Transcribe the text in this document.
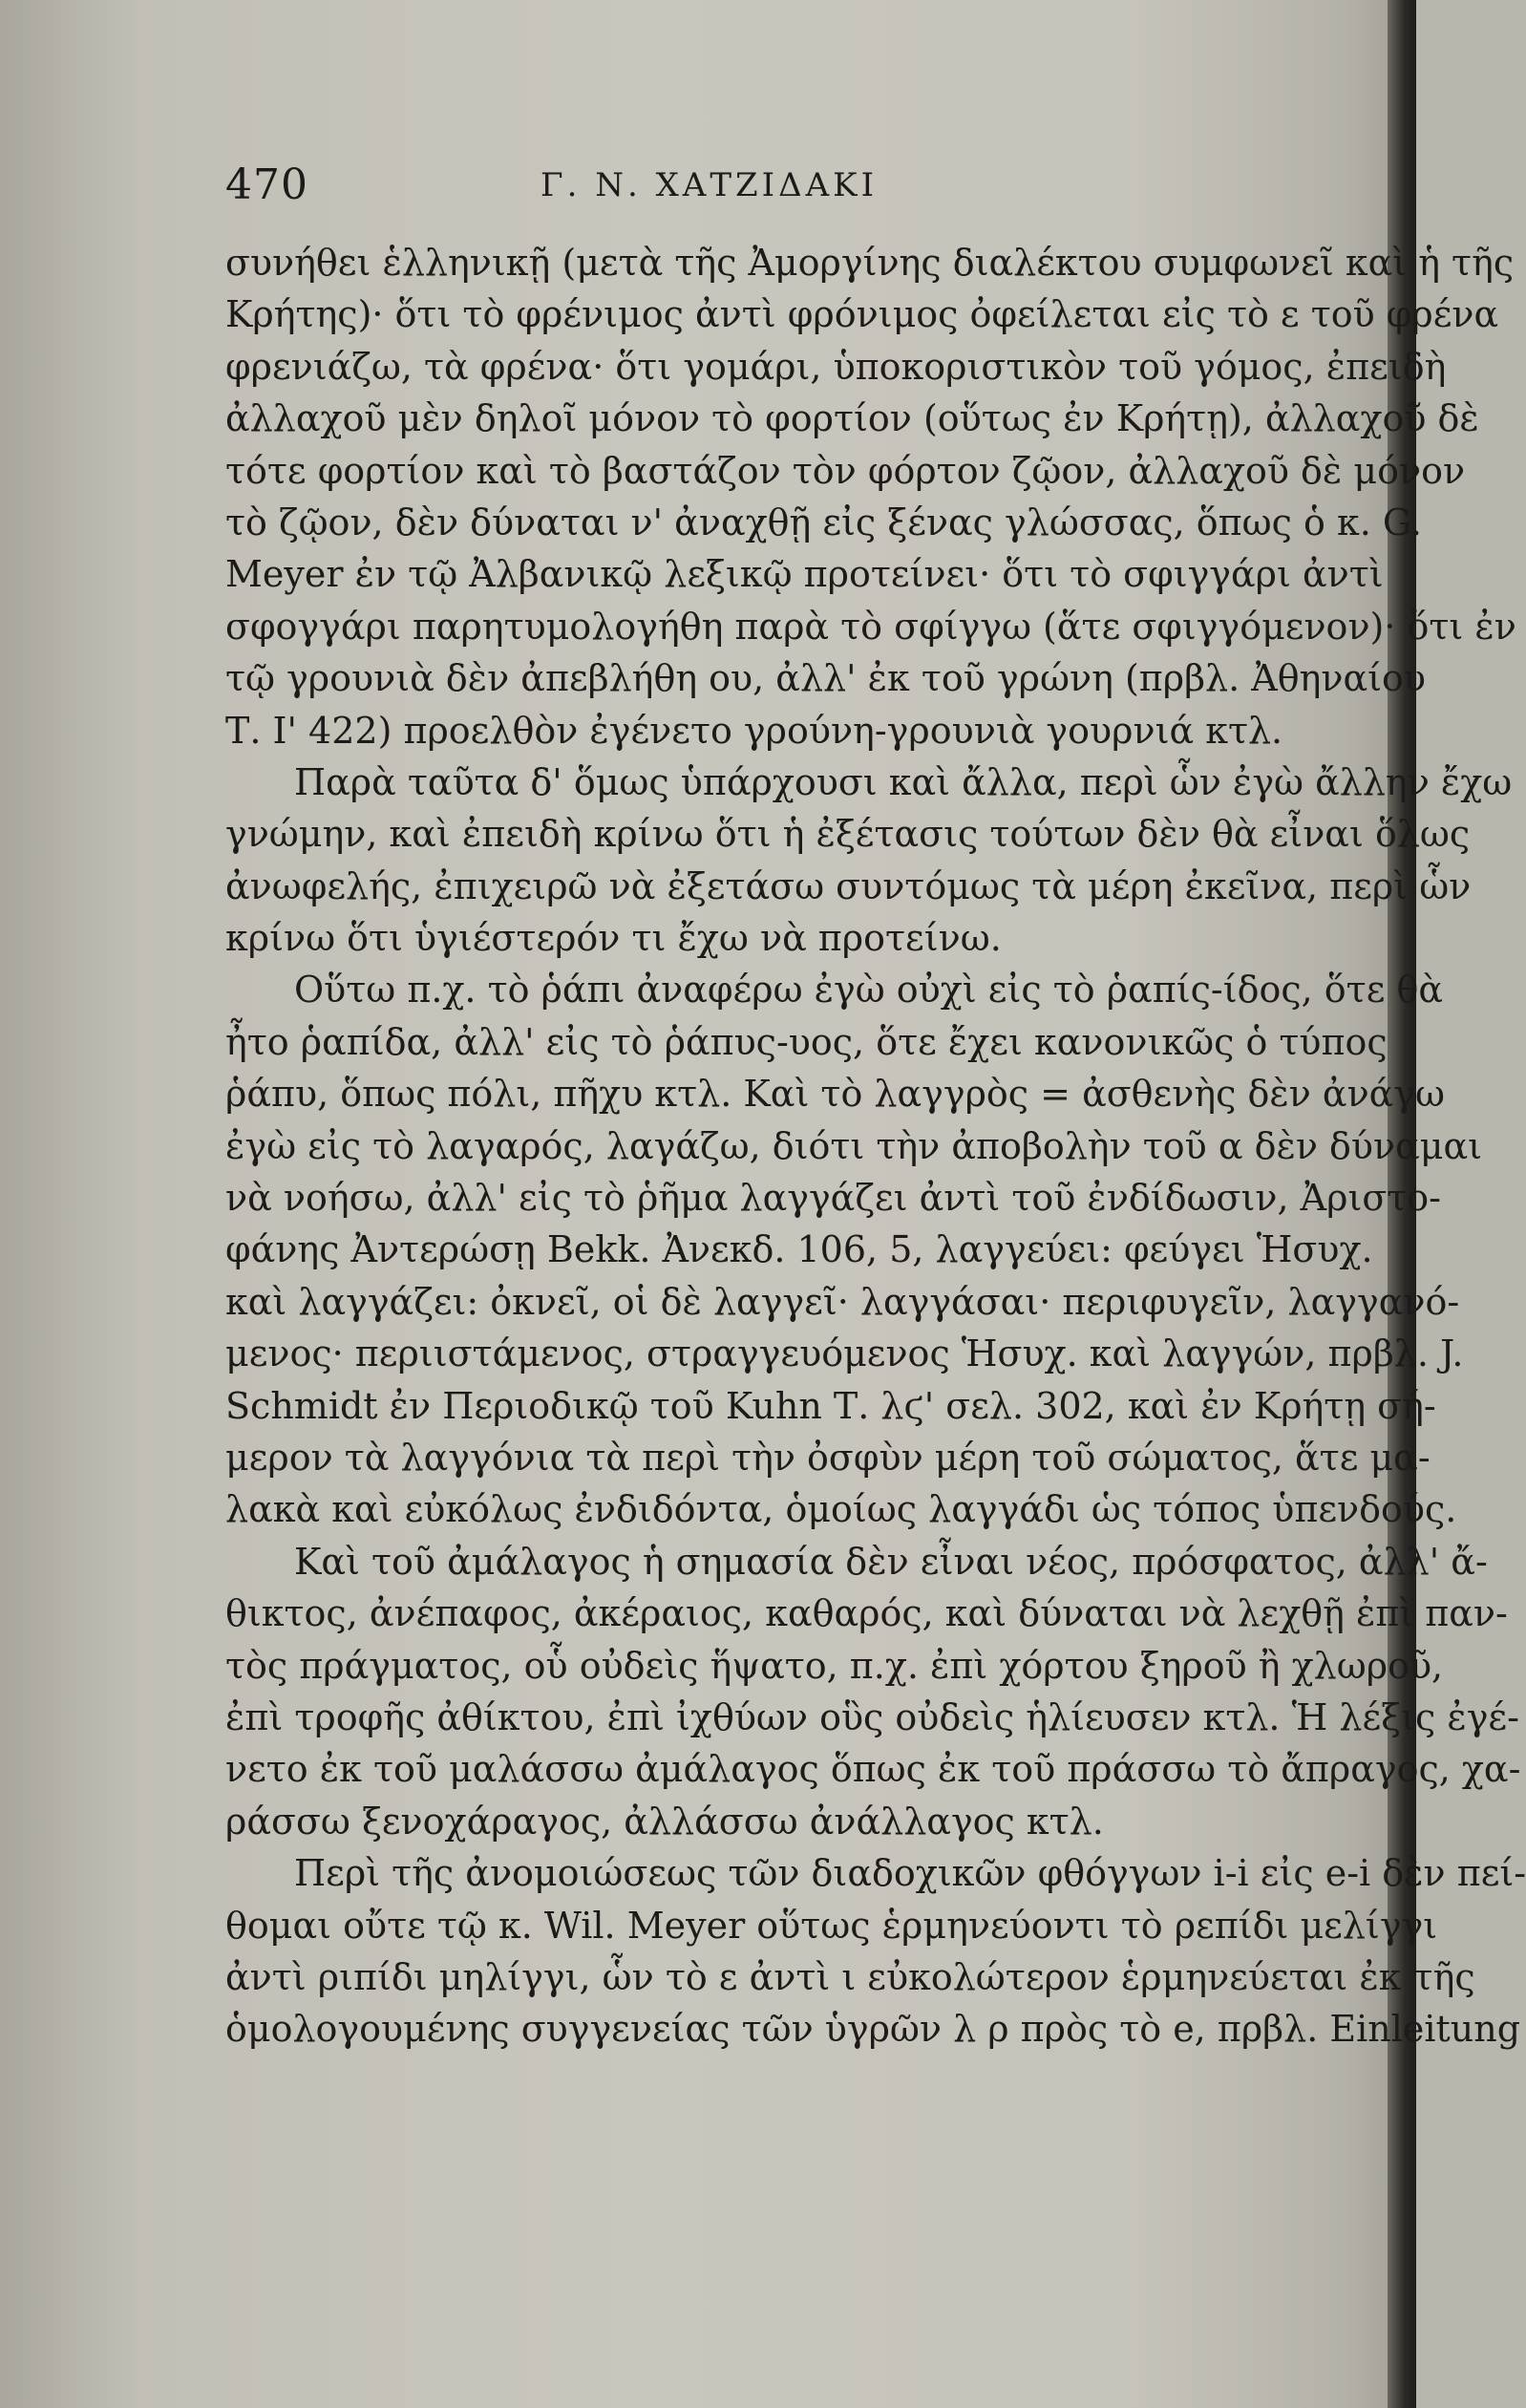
470	Γ. Ν. ΧΑΤΖΙΔΑΚΙ
συνήθει ἑλληνικῇ (μετὰ τῆς Ἀμοργίνης διαλέκτου συμφωνεῖ καὶ ἡ τῆς
Κρήτης)· ὅτι τὸ φρένιμος ἀντὶ φρόνιμος ὀφείλεται εἰς τὸ ε τοῦ φρένα
φρενιάζω, τὰ φρένα· ὅτι γομάρι, ὑποκοριστικὸν τοῦ γόμος, ἐπειδὴ
ἀλλαχοῦ μὲν δηλοῖ μόνον τὸ φορτίον (οὕτως ἐν Κρήτῃ), ἀλλαχοῦ δὲ
τότε φορτίον καὶ τὸ βαστάζον τὸν φόρτον ζῷον, ἀλλαχοῦ δὲ μόνον
τὸ ζῷον, δὲν δύναται ν' ἀναχθῇ εἰς ξένας γλώσσας, ὅπως ὁ κ. G.
Meyer ἐν τῷ Ἀλβανικῷ λεξικῷ προτείνει· ὅτι τὸ σφιγγάρι ἀντὶ
σφογγάρι παρητυμολογήθη παρὰ τὸ σφίγγω (ἅτε σφιγγόμενον)· ὅτι ἐν
τῷ γρουνιὰ δὲν ἀπεβλήθη ου, ἀλλ' ἐκ τοῦ γρώνη (πρβλ. Ἀθηναίου
Τ. Ι' 422) προελθὸν ἐγένετο γρούνη-γρουνιὰ γουρνιά κτλ.
Παρὰ ταῦτα δ' ὅμως ὑπάρχουσι καὶ ἄλλα, περὶ ὧν ἐγὼ ἄλλην ἔχω
γνώμην, καὶ ἐπειδὴ κρίνω ὅτι ἡ ἐξέτασις τούτων δὲν θὰ εἶναι ὅλως
ἀνωφελής, ἐπιχειρῶ νὰ ἐξετάσω συντόμως τὰ μέρη ἐκεῖνα, περὶ ὧν
κρίνω ὅτι ὑγιέστερόν τι ἔχω νὰ προτείνω.
Οὕτω π.χ. τὸ ῥάπι ἀναφέρω ἐγὼ οὐχὶ εἰς τὸ ῥαπίς-ίδος, ὅτε θὰ
ἦτο ῥαπίδα, ἀλλ' εἰς τὸ ῥάπυς-υος, ὅτε ἔχει κανονικῶς ὁ τύπος
ῥάπυ, ὅπως πόλι, πῆχυ κτλ. Καὶ τὸ λαγγρὸς = ἀσθενὴς δὲν ἀνάγω
ἐγὼ εἰς τὸ λαγαρός, λαγάζω, διότι τὴν ἀποβολὴν τοῦ α δὲν δύναμαι
νὰ νοήσω, ἀλλ' εἰς τὸ ῥῆμα λαγγάζει ἀντὶ τοῦ ἐνδίδωσιν, Ἀριστο-
φάνης Ἀντερώσῃ Bekk. Ἀνεκδ. 106, 5, λαγγεύει: φεύγει Ἡσυχ.
καὶ λαγγάζει: ὀκνεῖ, οἱ δὲ λαγγεῖ· λαγγάσαι· περιφυγεῖν, λαγγανό-
μενος· περιιστάμενος, στραγγευόμενος Ἡσυχ. καὶ λαγγών, πρβλ. J.
Schmidt ἐν Περιοδικῷ τοῦ Kuhn Τ. λϛ' σελ. 302, καὶ ἐν Κρήτῃ σή-
μερον τὰ λαγγόνια τὰ περὶ τὴν ὀσφὺν μέρη τοῦ σώματος, ἅτε μα-
λακὰ καὶ εὐκόλως ἐνδιδόντα, ὁμοίως λαγγάδι ὡς τόπος ὑπενδούς.
Καὶ τοῦ ἀμάλαγος ἡ σημασία δὲν εἶναι νέος, πρόσφατος, ἀλλ' ἄ-
θικτος, ἀνέπαφος, ἀκέραιος, καθαρός, καὶ δύναται νὰ λεχθῇ ἐπὶ παν-
τὸς πράγματος, οὗ οὐδεὶς ἥψατο, π.χ. ἐπὶ χόρτου ξηροῦ ἢ χλωροῦ,
ἐπὶ τροφῆς ἀθίκτου, ἐπὶ ἰχθύων οὓς οὐδεὶς ἡλίευσεν κτλ. Ἡ λέξις ἐγέ-
νετο ἐκ τοῦ μαλάσσω ἀμάλαγος ὅπως ἐκ τοῦ πράσσω τὸ ἄπραγος, χα-
ράσσω ξενοχάραγος, ἀλλάσσω ἀνάλλαγος κτλ.
Περὶ τῆς ἀνομοιώσεως τῶν διαδοχικῶν φθόγγων i-i εἰς e-i δὲν πεί-
θομαι οὔτε τῷ κ. Wil. Meyer οὕτως ἑρμηνεύοντι τὸ ρεπίδι μελίγγι
ἀντὶ ριπίδι μηλίγγι, ὧν τὸ ε ἀντὶ ι εὐκολώτερον ἑρμηνεύεται ἐκ τῆς
ὁμολογουμένης συγγενείας τῶν ὑγρῶν λ ρ πρὸς τὸ e, πρβλ. Einleitung
